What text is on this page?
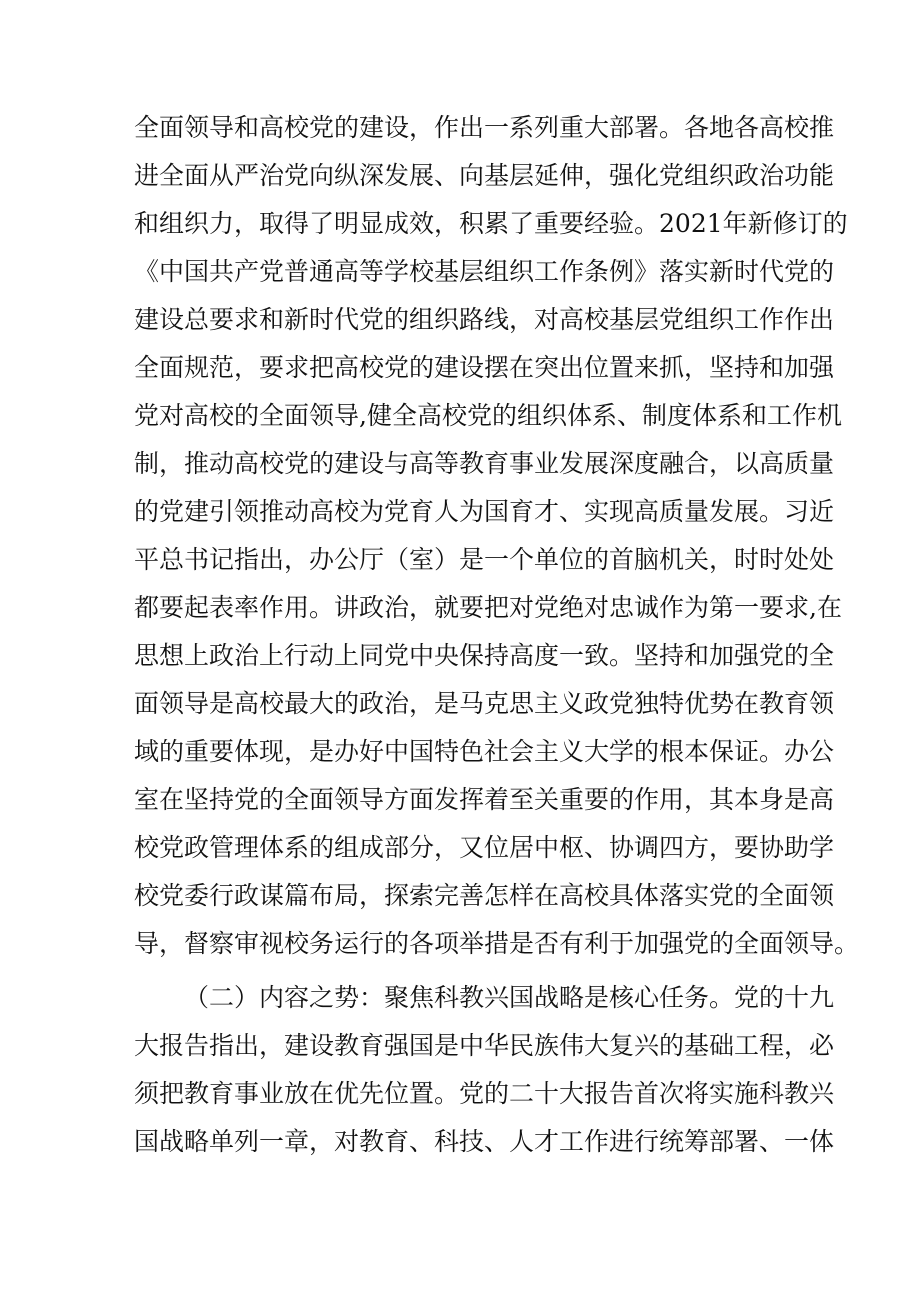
全面领导和高校党的建设，作出一系列重大部署。各地各高校推
进全面从严治党向纵深发展、向基层延伸，强化党组织政治功能
和组织力，取得了明显成效，积累了重要经验。2021年新修订的
《中国共产党普通高等学校基层组织工作条例》落实新时代党的
建设总要求和新时代党的组织路线，对高校基层党组织工作作出
全面规范，要求把高校党的建设摆在突出位置来抓，坚持和加强
党对高校的全面领导,健全高校党的组织体系、制度体系和工作机
制，推动高校党的建设与高等教育事业发展深度融合，以高质量
的党建引领推动高校为党育人为国育才、实现高质量发展。习近
平总书记指出，办公厅（室）是一个单位的首脑机关，时时处处
都要起表率作用。讲政治，就要把对党绝对忠诚作为第一要求,在
思想上政治上行动上同党中央保持高度一致。坚持和加强党的全
面领导是高校最大的政治，是马克思主义政党独特优势在教育领
域的重要体现，是办好中国特色社会主义大学的根本保证。办公
室在坚持党的全面领导方面发挥着至关重要的作用，其本身是高
校党政管理体系的组成部分，又位居中枢、协调四方，要协助学
校党委行政谋篇布局，探索完善怎样在高校具体落实党的全面领
导，督察审视校务运行的各项举措是否有利于加强党的全面领导。
（二）内容之势：聚焦科教兴国战略是核心任务。党的十九
大报告指出，建设教育强国是中华民族伟大复兴的基础工程，必
须把教育事业放在优先位置。党的二十大报告首次将实施科教兴
国战略单列一章，对教育、科技、人才工作进行统筹部署、一体
